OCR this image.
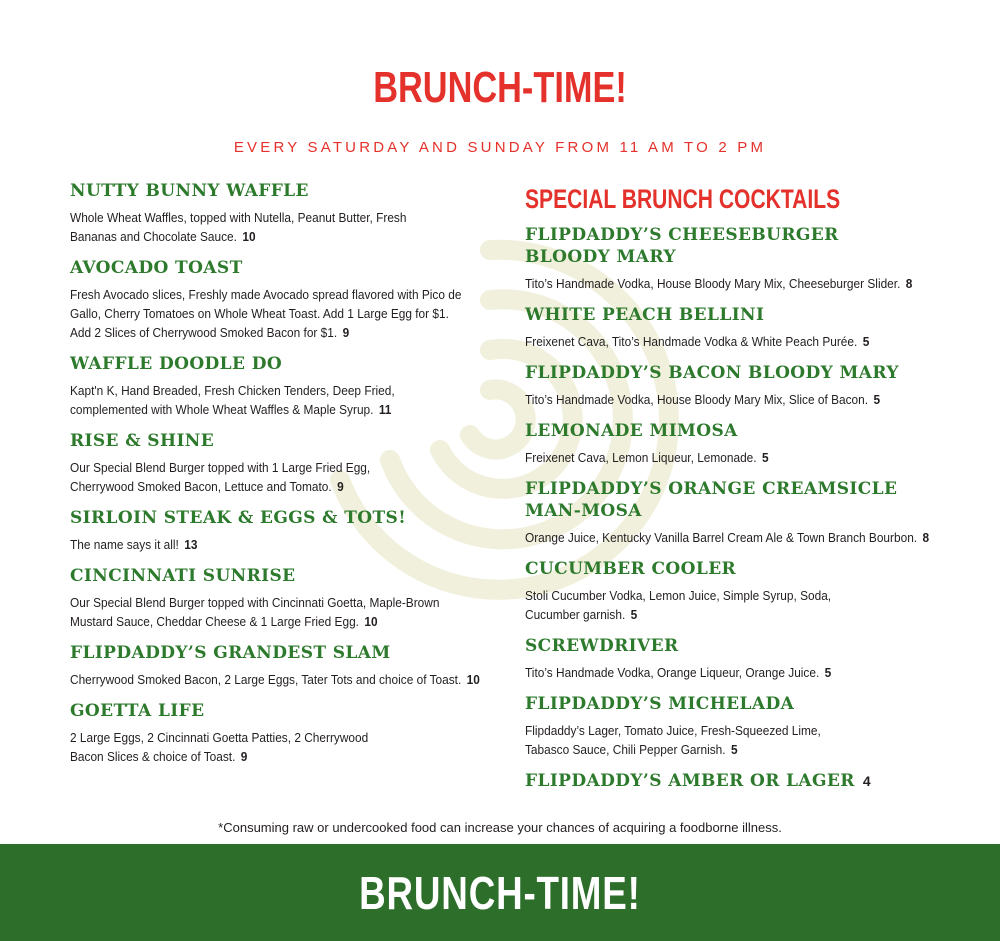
BRUNCH-TIME!

EVERY SATURDAY AND SUNDAY FROM 11 AM TO 2 PM

NUTTY BUNNY WAFFLE

Whole Wheat Waffles, topped with Nutella, Peanut Butter, Fresh
Bananas and Chocolate Sauce. 10

AVOCADO TOAST

Fresh Avocado slices, Freshly made Avocado spread flavored with Pico de
Gallo, Cherry Tomatoes on Whole Wheat Toast. Add 1 Large Egg for $1.
Add 2 Slices of Cherrywood Smoked Bacon for $1. 9

WAFFLE DOODLE DO

Kapt'n K, Hand Breaded, Fresh Chicken Tenders, Deep Fried,
complemented with Whole Wheat Waffles & Maple Syrup. 11

RISE & SHINE

Our Special Blend Burger topped with 1 Large Fried Egg,
Cherrywood Smoked Bacon, Lettuce and Tomato. 9

SIRLOIN STEAK & EGGS & TOTS!

The name says it all! 13

CINCINNATI SUNRISE

Our Special Blend Burger topped with Cincinnati Goetta, Maple-Brown
Mustard Sauce, Cheddar Cheese & 1 Large Fried Egg. 10

FLIPDADDY’S GRANDEST SLAM

Cherrywood Smoked Bacon, 2 Large Eggs, Tater Tots and choice of Toast. 10

GOETTA LIFE

2 Large Eggs, 2 Cincinnati Goetta Patties, 2 Cherrywood
Bacon Slices & choice of Toast. 9

SPECIAL BRUNCH COCKTAILS

FLIPDADDY’S CHEESEBURGER
BLOODY MARY

Tito’s Handmade Vodka, House Bloody Mary Mix, Cheeseburger Slider. 8

WHITE PEACH BELLINI

Freixenet Cava, Tito’s Handmade Vodka & White Peach Purée. 5

FLIPDADDY’S BACON BLOODY MARY

Tito’s Handmade Vodka, House Bloody Mary Mix, Slice of Bacon. 5

LEMONADE MIMOSA

Freixenet Cava, Lemon Liqueur, Lemonade. 5

FLIPDADDY’S ORANGE CREAMSICLE
MAN-MOSA

Orange Juice, Kentucky Vanilla Barrel Cream Ale & Town Branch Bourbon. 8

CUCUMBER COOLER

Stoli Cucumber Vodka, Lemon Juice, Simple Syrup, Soda,
Cucumber garnish. 5

SCREWDRIVER

Tito’s Handmade Vodka, Orange Liqueur, Orange Juice. 5

FLIPDADDY’S MICHELADA

Flipdaddy’s Lager, Tomato Juice, Fresh-Squeezed Lime,
Tabasco Sauce, Chili Pepper Garnish. 5

FLIPDADDY’S AMBER OR LAGER 4

*Consuming raw or undercooked food can increase your chances of acquiring a foodborne illness.

BRUNCH-TIME!
